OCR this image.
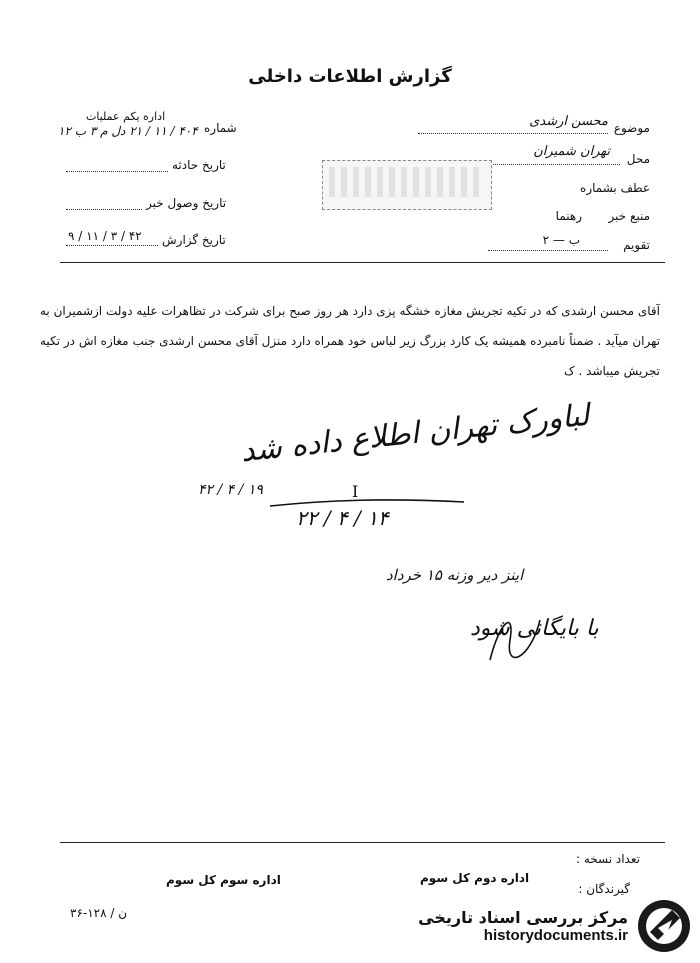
گزارش اطلاعات داخلی
موضوع
محسن ارشدی
محل
تهران شمیران
عطف بشماره
منبع خبر
رهنما
تقویم
ب — ۲
شماره
اداره یکم عملیات
۴۰۴ / ۱۱ / ۲۱ دل م ۳ ب ۱۲
تاریخ حادثه
تاریخ وصول خبر
تاریخ گزارش
۴۲ / ۳ / ۱۱ / ۹
آقای محسن ارشدی که در تکیه تجریش مغازه خشگه پزی دارد هر روز صبح برای شرکت در تظاهرات علیه دولت ازشمیران به تهران میآید . ضمناً نامبرده همیشه یک کارد بزرگ زیر لباس خود همراه دارد منزل آقای محسن ارشدی جنب مغازه اش در تکیه تجریش میباشد . ک
لباورک تهران اطلاع داده شد
۱۹ / ۴ / ۴۲	I
۱۴ / ۴ / ۲۲
اینز دیر وزنه ۱۵ خرداد
با بایگانی شود
تعداد نسخه :
گیرندگان :
اداره دوم کل سوم
اداره سوم کل سوم
۳۶-۱۲۸ / ن	مرکز بررسی اسناد تاریخی
historydocuments.ir
